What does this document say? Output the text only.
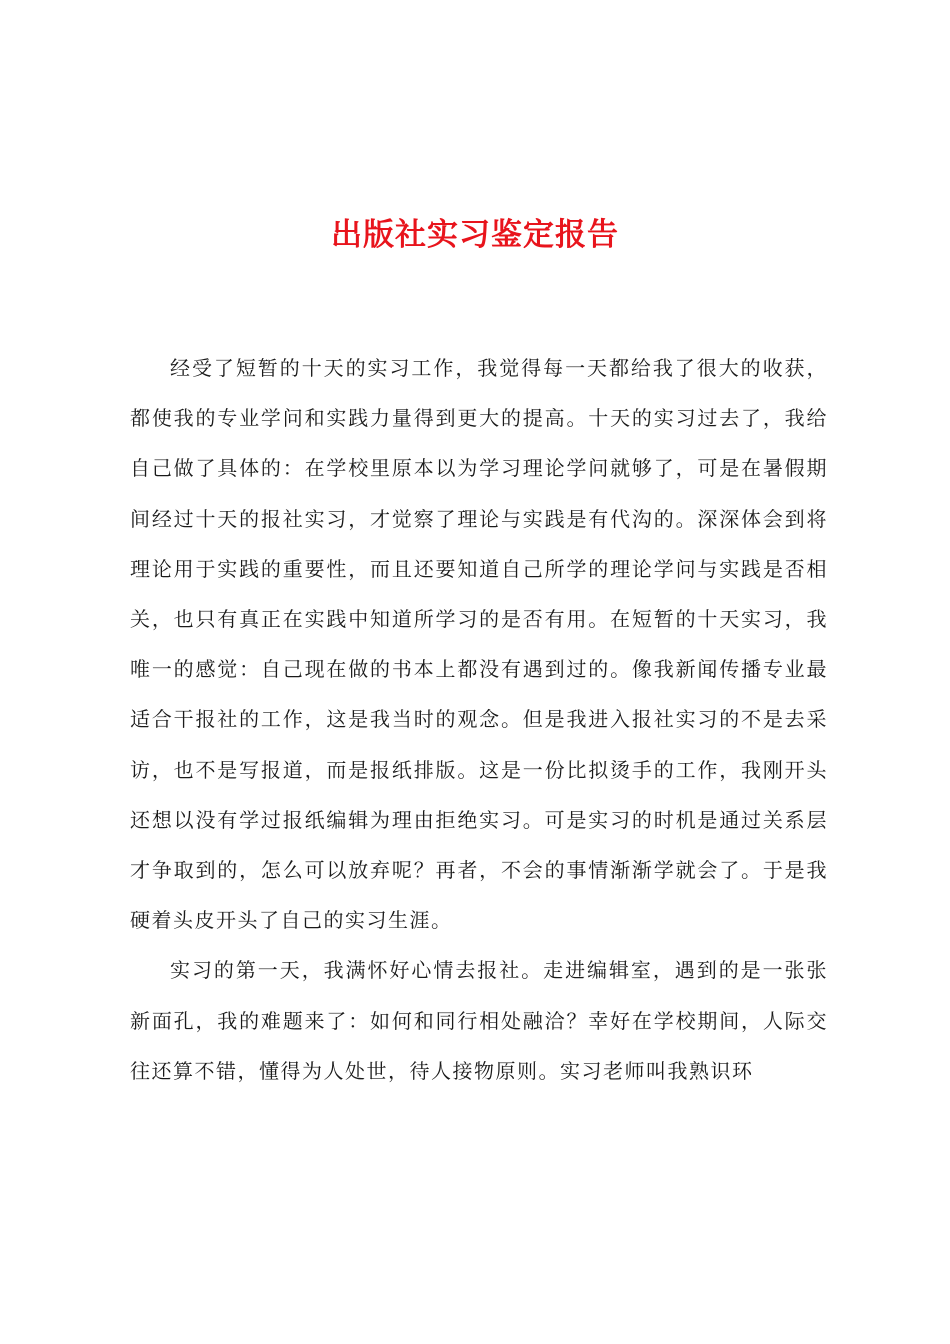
出版社实习鉴定报告

经受了短暂的十天的实习工作，我觉得每一天都给我了很大的收获，都使我的专业学问和实践力量得到更大的提高。十天的实习过去了，我给自己做了具体的：在学校里原本以为学习理论学问就够了，可是在暑假期间经过十天的报社实习，才觉察了理论与实践是有代沟的。深深体会到将理论用于实践的重要性，而且还要知道自己所学的理论学问与实践是否相关，也只有真正在实践中知道所学习的是否有用。在短暂的十天实习，我唯一的感觉：自己现在做的书本上都没有遇到过的。像我新闻传播专业最适合干报社的工作，这是我当时的观念。但是我进入报社实习的不是去采访，也不是写报道，而是报纸排版。这是一份比拟烫手的工作，我刚开头还想以没有学过报纸编辑为理由拒绝实习。可是实习的时机是通过关系层才争取到的，怎么可以放弃呢？再者，不会的事情渐渐学就会了。于是我硬着头皮开头了自己的实习生涯。

实习的第一天，我满怀好心情去报社。走进编辑室，遇到的是一张张新面孔，我的难题来了：如何和同行相处融洽？幸好在学校期间，人际交往还算不错，懂得为人处世，待人接物原则。实习老师叫我熟识环
